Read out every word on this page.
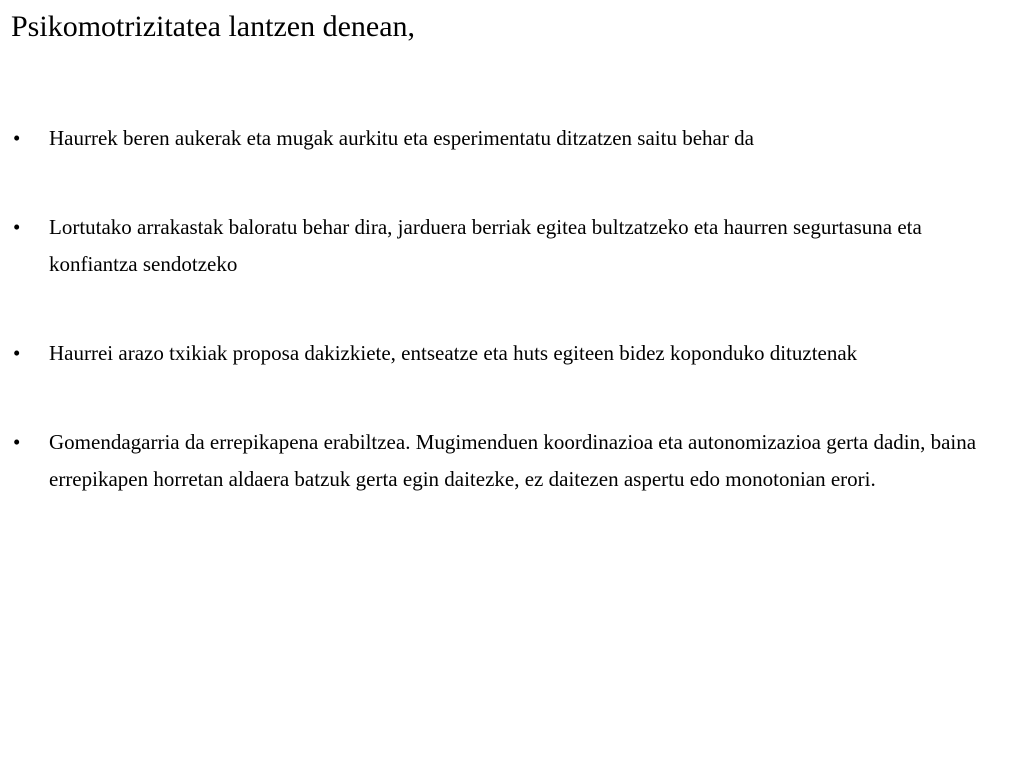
Psikomotrizitatea lantzen denean,
• Haurrek beren aukerak eta mugak aurkitu eta esperimentatu ditzatzen saitu behar da
• Lortutako arrakastak baloratu behar dira, jarduera berriak egitea bultzatzeko eta haurren segurtasuna eta konfiantza sendotzeko
• Haurrei arazo txikiak proposa dakizkiete, entseatze eta huts egiteen bidez koponduko dituztenak
• Gomendagarria da errepikapena erabiltzea. Mugimenduen koordinazioa eta autonomizazioa gerta dadin, baina errepikapen horretan aldaera batzuk gerta egin daitezke, ez daitezen aspertu edo monotonian erori.
